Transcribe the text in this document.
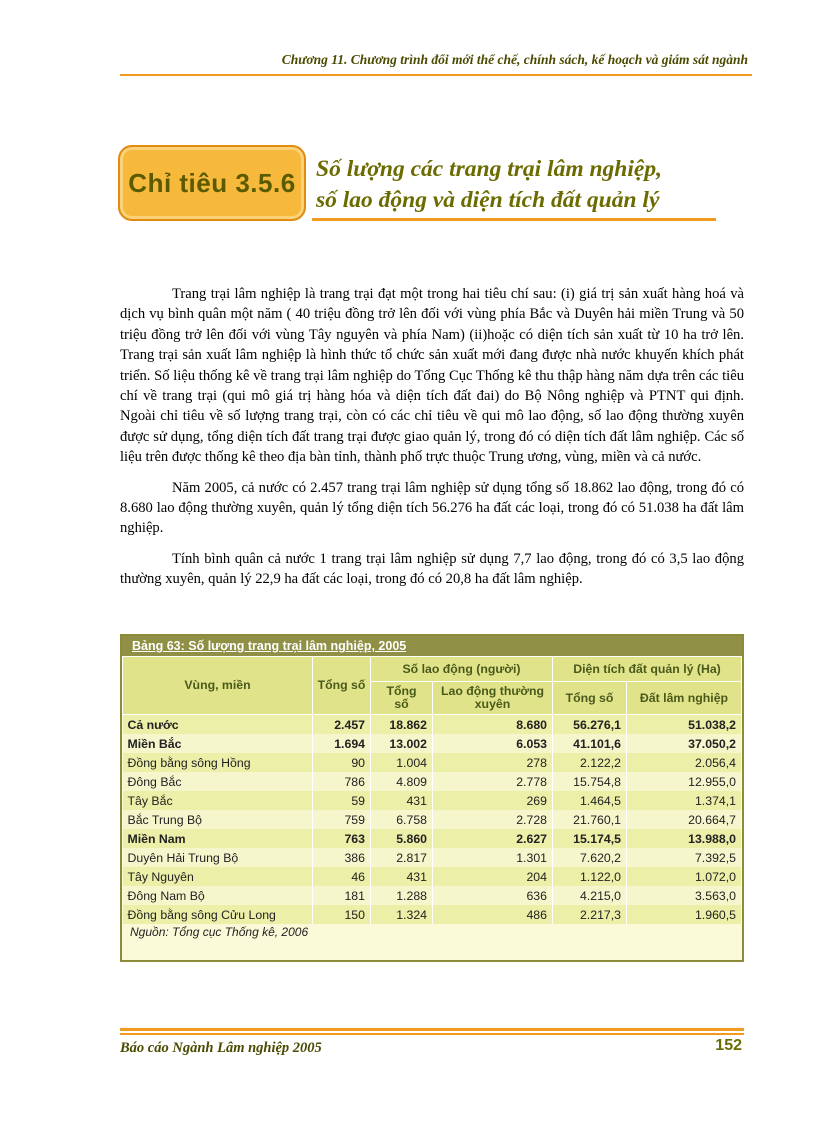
Chương 11. Chương trình đổi mới thể chế, chính sách, kế hoạch và giám sát ngành
Chỉ tiêu 3.5.6 Số lượng các trang trại lâm nghiệp,
số lao động và diện tích đất quản lý

Trang trại lâm nghiệp là trang trại đạt một trong hai tiêu chí sau: (i) giá trị sản xuất hàng hoá và dịch vụ bình quân một năm ( 40 triệu đồng trở lên đối với vùng phía Bắc và Duyên hải miền Trung và 50 triệu đồng trở lên đối với vùng Tây nguyên và phía Nam) (ii)hoặc có diện tích sản xuất từ 10 ha trở lên. Trang trại sản xuất lâm nghiệp là hình thức tổ chức sản xuất mới đang được nhà nước khuyến khích phát triển. Số liệu thống kê về trang trại lâm nghiệp do Tổng Cục Thống kê thu thập hàng năm dựa trên các tiêu chí về trang trại (qui mô giá trị hàng hóa và diện tích đất đai) do Bộ Nông nghiệp và PTNT qui định. Ngoài chỉ tiêu về số lượng trang trại, còn có các chỉ tiêu về qui mô lao động, số lao động thường xuyên được sử dụng, tổng diện tích đất trang trại được giao quản lý, trong đó có diện tích đất lâm nghiệp. Các số liệu trên được thống kê theo địa bàn tỉnh, thành phố trực thuộc Trung ương, vùng, miền và cả nước.

Năm 2005, cả nước có 2.457 trang trại lâm nghiệp sử dụng tổng số 18.862 lao động, trong đó có 8.680 lao động thường xuyên, quản lý tổng diện tích 56.276 ha đất các loại, trong đó có 51.038 ha đất lâm nghiệp.

Tính bình quân cả nước 1 trang trại lâm nghiệp sử dụng 7,7 lao động, trong đó có 3,5 lao động thường xuyên, quản lý 22,9 ha đất các loại, trong đó có 20,8 ha đất lâm nghiệp.

Bảng 63: Số lượng trang trại lâm nghiệp, 2005
Vùng, miền	Tổng số	Số lao động (người)		Diện tích đất quản lý (Ha)	
		Tổng số	Lao động thường xuyên	Tổng số	Đất lâm nghiệp
Cả nước	2.457	18.862	8.680	56.276,1	51.038,2
Miền Bắc	1.694	13.002	6.053	41.101,6	37.050,2
Đồng bằng sông Hồng	90	1.004	278	2.122,2	2.056,4
Đông Bắc	786	4.809	2.778	15.754,8	12.955,0
Tây Bắc	59	431	269	1.464,5	1.374,1
Bắc Trung Bộ	759	6.758	2.728	21.760,1	20.664,7
Miền Nam	763	5.860	2.627	15.174,5	13.988,0
Duyên Hải Trung Bộ	386	2.817	1.301	7.620,2	7.392,5
Tây Nguyên	46	431	204	1.122,0	1.072,0
Đông Nam Bộ	181	1.288	636	4.215,0	3.563,0
Đồng bằng sông Cửu Long	150	1.324	486	2.217,3	1.960,5
Nguồn: Tổng cục Thống kê, 2006
Báo cáo Ngành Lâm nghiệp 2005	152
